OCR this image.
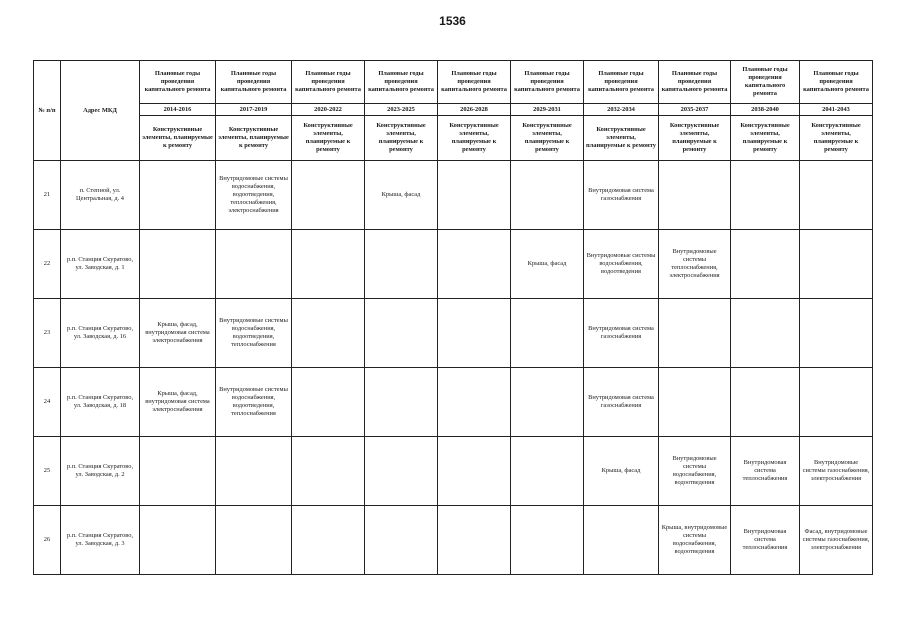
1536
№ п/п	Адрес МКД	Плановые годы проведения капитального ремонта	Плановые годы проведения капитального ремонта	Плановые годы проведения капитального ремонта	Плановые годы проведения капитального ремонта	Плановые годы проведения капитального ремонта	Плановые годы проведения капитального ремонта	Плановые годы проведения капитального ремонта	Плановые годы проведения капитального ремонта	Плановые годы проведения капитального ремонта	Плановые годы проведения капитального ремонта
		2014-2016	2017-2019	2020-2022	2023-2025	2026-2028	2029-2031	2032-2034	2035-2037	2038-2040	2041-2043
		Конструктивные элементы, планируемые к ремонту	Конструктивные элементы, планируемые к ремонту	Конструктивные элементы, планируемые к ремонту	Конструктивные элементы, планируемые к ремонту	Конструктивные элементы, планируемые к ремонту	Конструктивные элементы, планируемые к ремонту	Конструктивные элементы, планируемые к ремонту	Конструктивные элементы, планируемые к ремонту	Конструктивные элементы, планируемые к ремонту	Конструктивные элементы, планируемые к ремонту
21	п. Степной, ул. Центральная, д. 4		Внутридомовые системы водоснабжения, водоотведения, теплоснабжения, электроснабжения		Крыша, фасад			Внутридомовая система газоснабжения			
22	р.п. Станция Скуратово, ул. Заводская, д. 1						Крыша, фасад	Внутридомовые системы водоснабжения, водоотведения	Внутридомовые системы теплоснабжения, электроснабжения		
23	р.п. Станция Скуратово, ул. Заводская, д. 16	Крыша, фасад, внутридомовая система электроснабжения	Внутридомовые системы водоснабжения, водоотведения, теплоснабжения					Внутридомовая система газоснабжения			
24	р.п. Станция Скуратово, ул. Заводская, д. 18	Крыша, фасад, внутридомовая система электроснабжения	Внутридомовые системы водоснабжения, водоотведения, теплоснабжения					Внутридомовая система газоснабжения			
25	р.п. Станция Скуратово, ул. Заводская, д. 2							Крыша, фасад	Внутридомовые системы водоснабжения, водоотведения	Внутридомовая система теплоснабжения	Внутридомовые системы газоснабжения, электроснабжения
26	р.п. Станция Скуратово, ул. Заводская, д. 3								Крыша, внутридомовые системы водоснабжения, водоотведения	Внутридомовая система теплоснабжения	Фасад, внутридомовые системы газоснабжения, электроснабжения
